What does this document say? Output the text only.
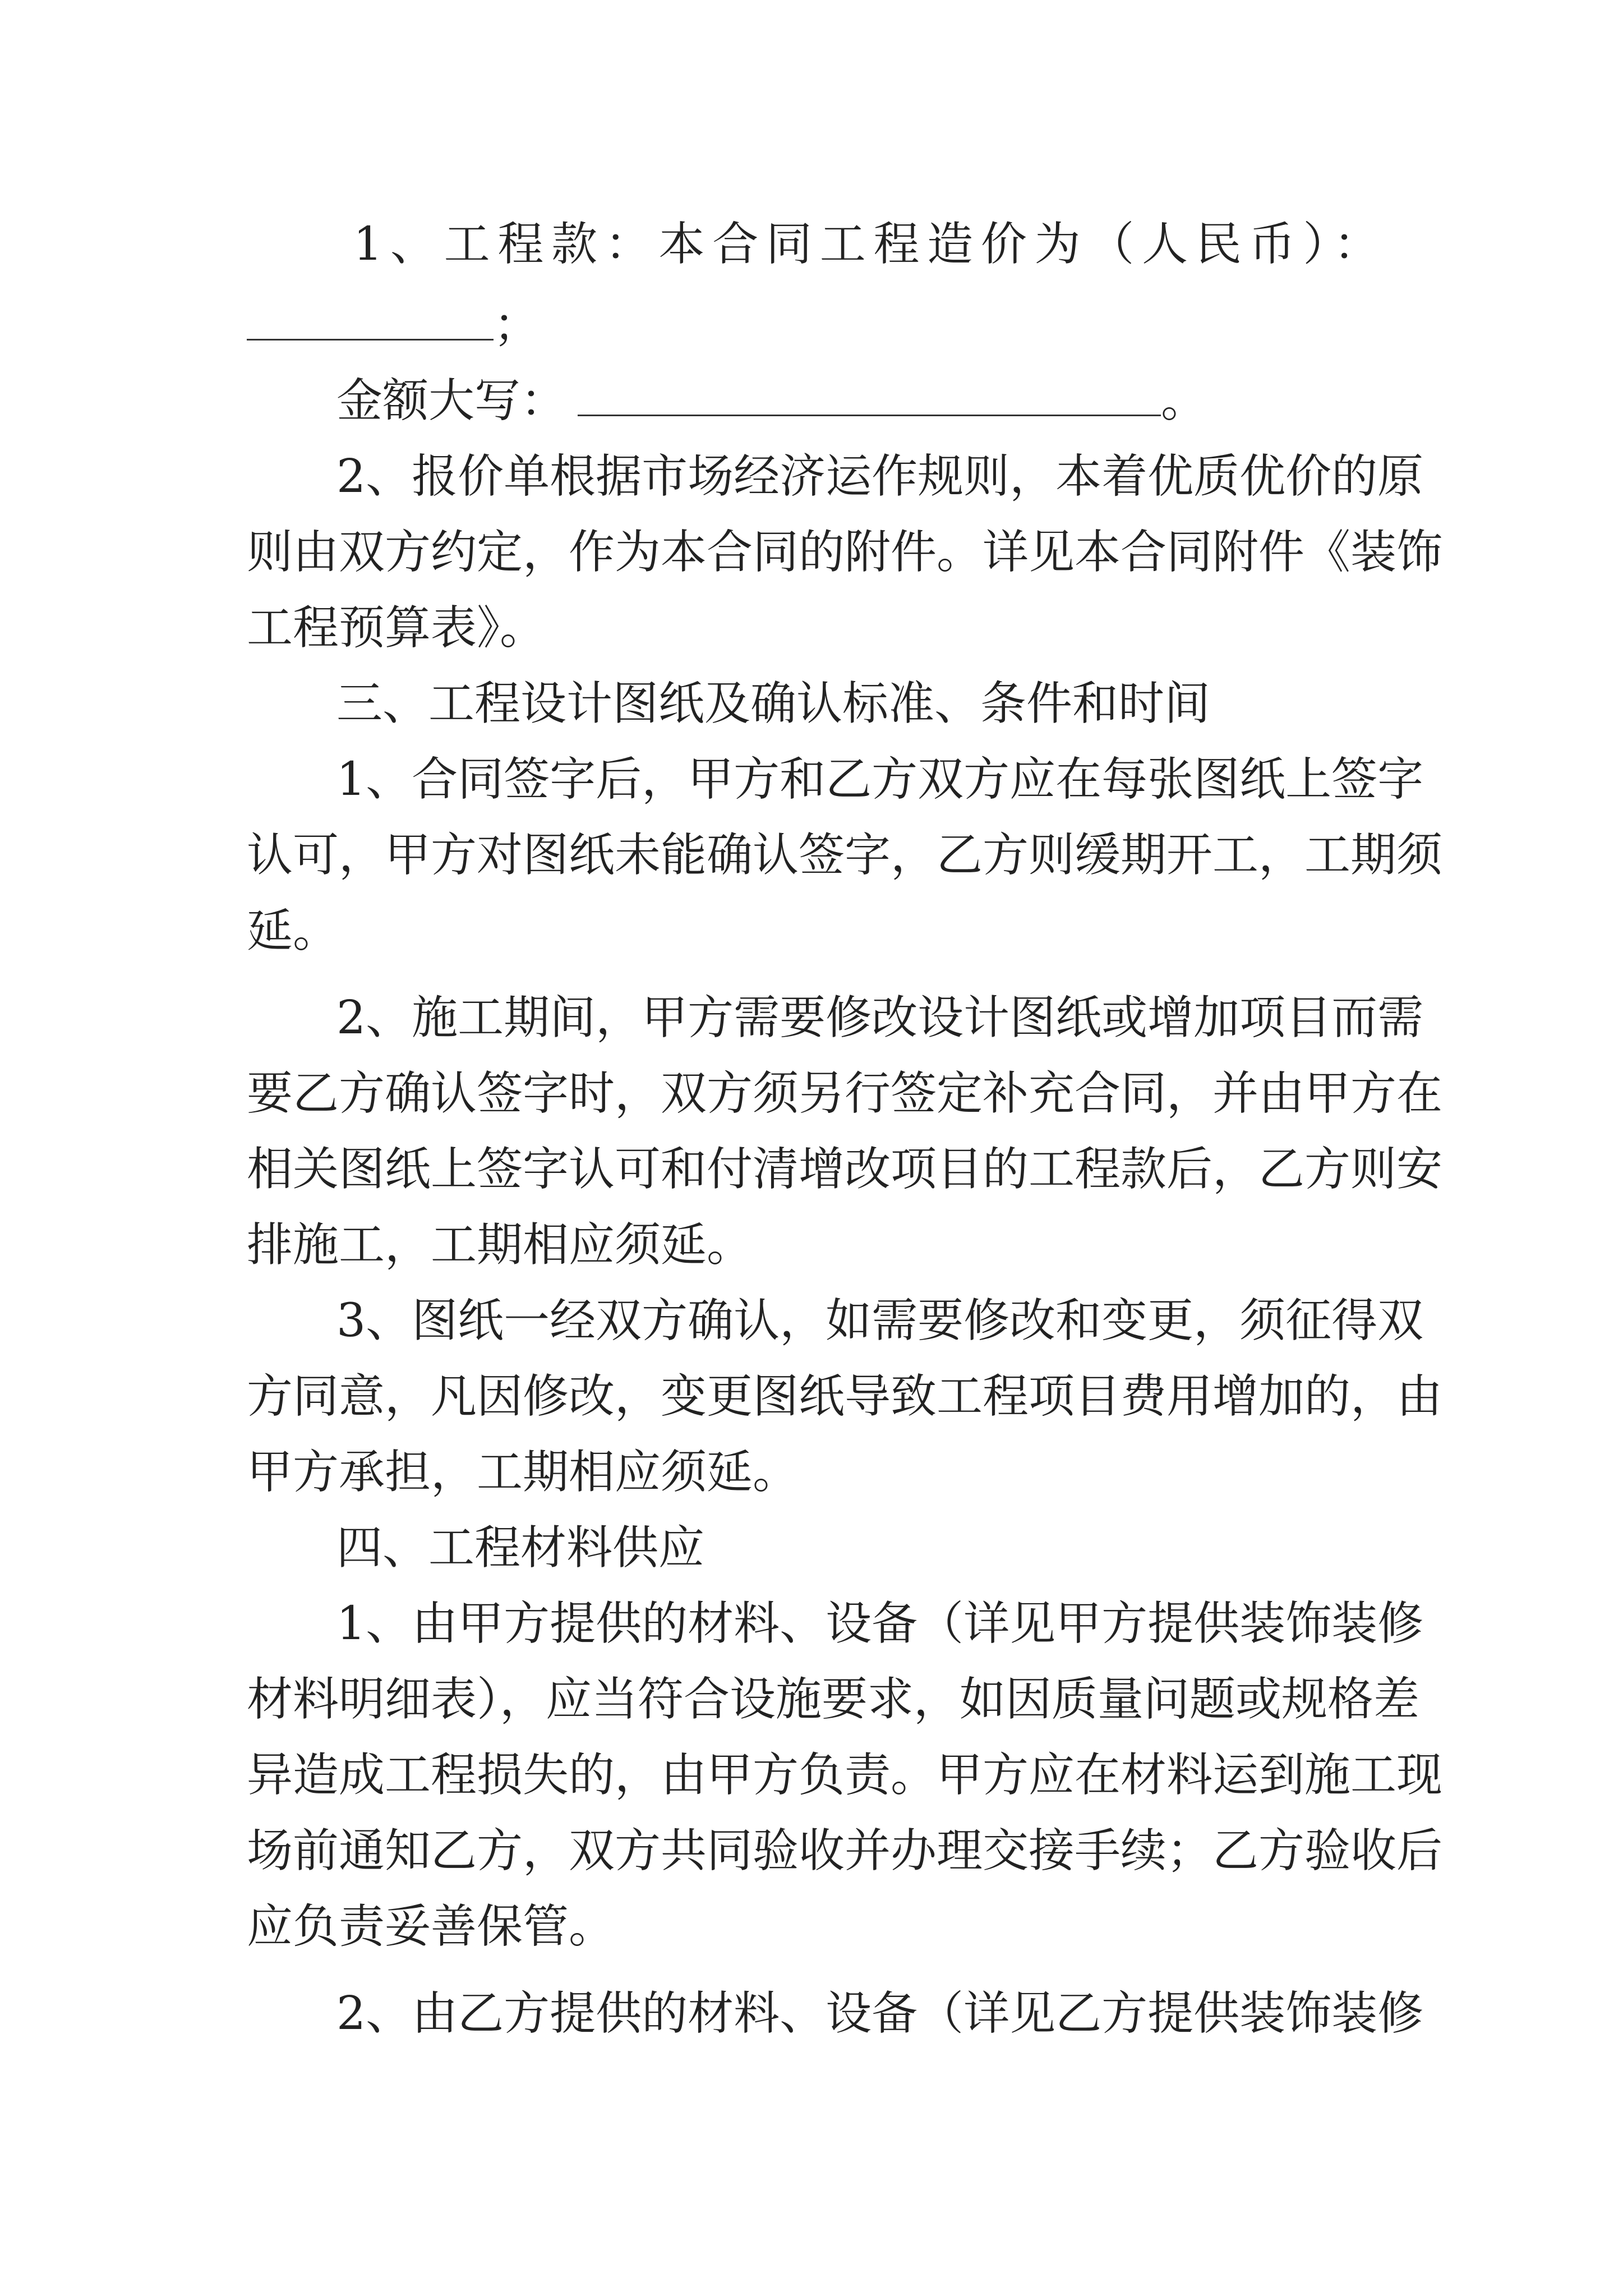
1、工程款：本合同工程造价为（人民币）：
；
金额大写：	。
2、报价单根据市场经济运作规则，本着优质优价的原
则由双方约定，作为本合同的附件。详见本合同附件《装饰
工程预算表》。
三、工程设计图纸及确认标准、条件和时间
1、合同签字后，甲方和乙方双方应在每张图纸上签字
认可，甲方对图纸未能确认签字，乙方则缓期开工，工期须
延。
2、施工期间，甲方需要修改设计图纸或增加项目而需
要乙方确认签字时，双方须另行签定补充合同，并由甲方在
相关图纸上签字认可和付清增改项目的工程款后，乙方则安
排施工，工期相应须延。
3、图纸一经双方确认，如需要修改和变更，须征得双
方同意，凡因修改，变更图纸导致工程项目费用增加的，由
甲方承担，工期相应须延。
四、工程材料供应
1、由甲方提供的材料、设备（详见甲方提供装饰装修
材料明细表），应当符合设施要求，如因质量问题或规格差
异造成工程损失的，由甲方负责。甲方应在材料运到施工现
场前通知乙方，双方共同验收并办理交接手续；乙方验收后
应负责妥善保管。
2、由乙方提供的材料、设备（详见乙方提供装饰装修
